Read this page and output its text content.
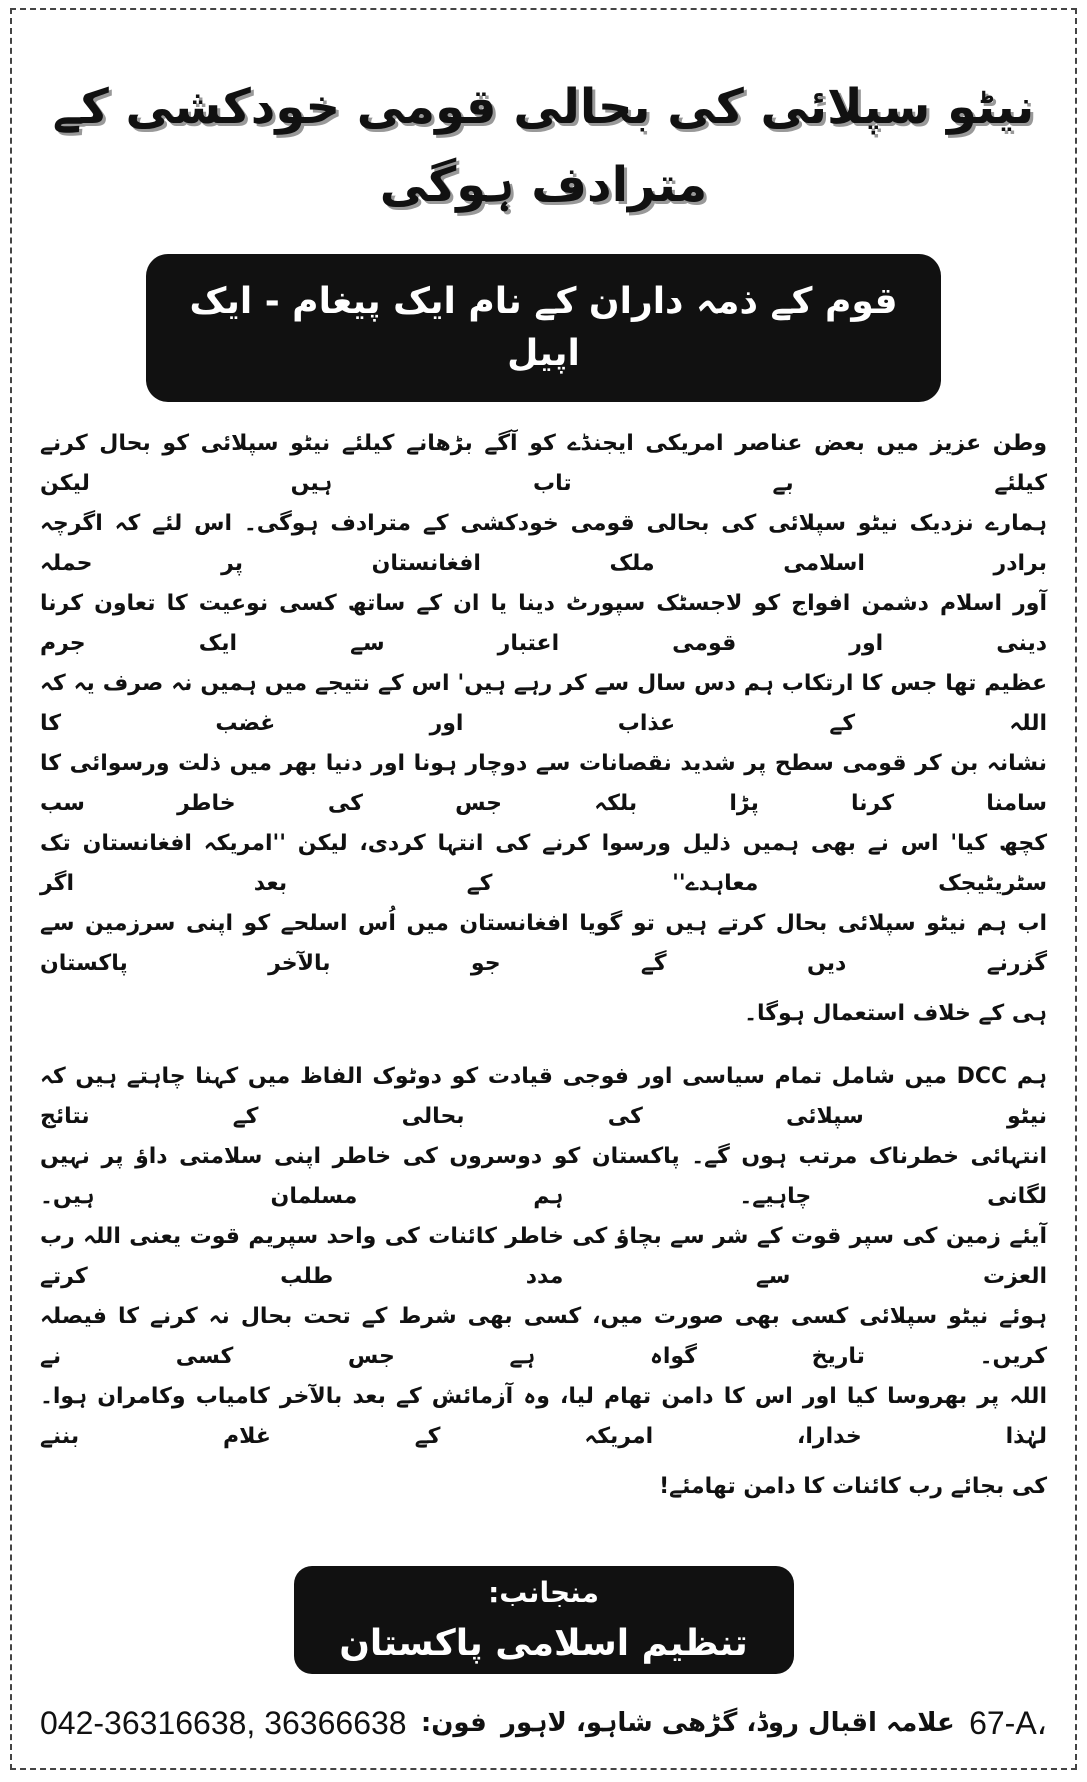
نیٹو سپلائی کی بحالی قومی خودکشی کے مترادف ہوگی
قوم کے ذمہ داران کے نام ایک پیغام - ایک اپیل
وطن عزیز میں بعض عناصر امریکی ایجنڈے کو آگے بڑھانے کیلئے نیٹو سپلائی کو بحال کرنے کیلئے بے تاب ہیں لیکن
ہمارے نزدیک نیٹو سپلائی کی بحالی قومی خودکشی کے مترادف ہوگی۔ اس لئے کہ اگرچہ برادر اسلامی ملک افغانستان پر حملہ
آور اسلام دشمن افواج کو لاجسٹک سپورٹ دینا یا ان کے ساتھ کسی نوعیت کا تعاون کرنا دینی اور قومی اعتبار سے ایک جرم
عظیم تھا جس کا ارتکاب ہم دس سال سے کر رہے ہیں' اس کے نتیجے میں ہمیں نہ صرف یہ کہ اللہ کے عذاب اور غضب کا
نشانہ بن کر قومی سطح پر شدید نقصانات سے دوچار ہونا اور دنیا بھر میں ذلت ورسوائی کا سامنا کرنا پڑا بلکہ جس کی خاطر سب
کچھ کیا' اس نے بھی ہمیں ذلیل ورسوا کرنے کی انتہا کردی، لیکن ''امریکہ افغانستان تک سٹریٹیجک معاہدے'' کے بعد اگر
اب ہم نیٹو سپلائی بحال کرتے ہیں تو گویا افغانستان میں اُس اسلحے کو اپنی سرزمین سے گزرنے دیں گے جو بالآخر پاکستان
ہی کے خلاف استعمال ہوگا۔
ہم DCC میں شامل تمام سیاسی اور فوجی قیادت کو دوٹوک الفاظ میں کہنا چاہتے ہیں کہ نیٹو سپلائی کی بحالی کے نتائج
انتہائی خطرناک مرتب ہوں گے۔ پاکستان کو دوسروں کی خاطر اپنی سلامتی داؤ پر نہیں لگانی چاہیے۔ ہم مسلمان ہیں۔
آیئے زمین کی سپر قوت کے شر سے بچاؤ کی خاطر کائنات کی واحد سپریم قوت یعنی اللہ رب العزت سے مدد طلب کرتے
ہوئے نیٹو سپلائی کسی بھی صورت میں، کسی بھی شرط کے تحت بحال نہ کرنے کا فیصلہ کریں۔ تاریخ گواہ ہے جس کسی نے
اللہ پر بھروسا کیا اور اس کا دامن تھام لیا، وہ آزمائش کے بعد بالآخر کامیاب وکامران ہوا۔ لہٰذا خدارا، امریکہ کے غلام بننے
کی بجائے رب کائنات کا دامن تھامئے!
منجانب:
تنظیم اسلامی پاکستان
042-36316638, 36366638 فون: علامہ اقبال روڈ، گڑھی شاہو، لاہور 67-A،
